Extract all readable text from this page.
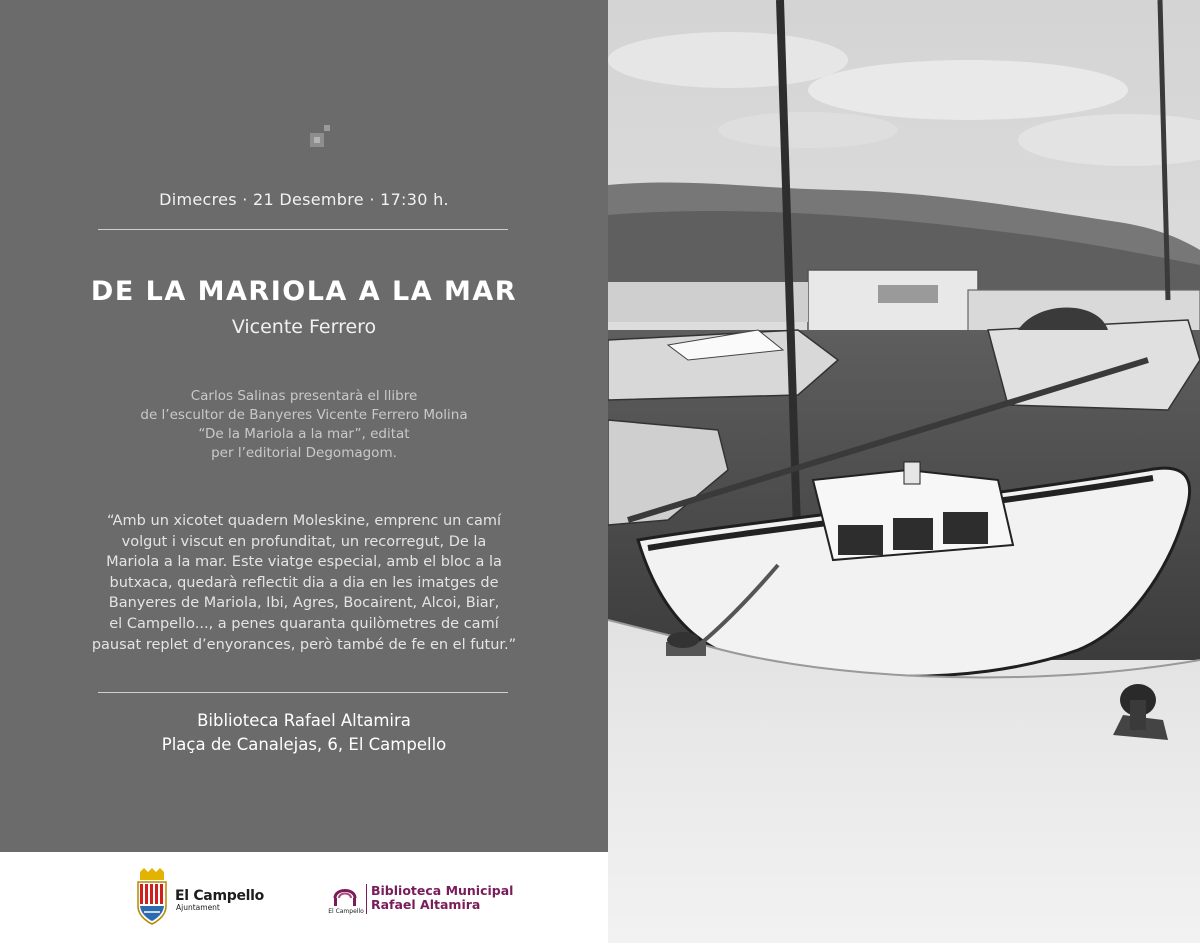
Dimecres · 21 Desembre · 17:30 h.
DE LA MARIOLA A LA MAR
Vicente Ferrero
Carlos Salinas presentarà el llibre
de l’escultor de Banyeres Vicente Ferrero Molina
“De la Mariola a la mar”, editat
per l’editorial Degomagom.
“Amb un xicotet quadern Moleskine, emprenc un camí
volgut i viscut en profunditat, un recorregut, De la
Mariola a la mar. Este viatge especial, amb el bloc a la
butxaca, quedarà reflectit dia a dia en les imatges de
Banyeres de Mariola, Ibi, Agres, Bocairent, Alcoi, Biar,
el Campello..., a penes quaranta quilòmetres de camí
pausat replet d’enyorances, però també de fe en el futur.”
Biblioteca Rafael Altamira
Plaça de Canalejas, 6, El Campello
El Campello
Ajuntament	El Campello
Biblioteca Municipal
Rafael Altamira
